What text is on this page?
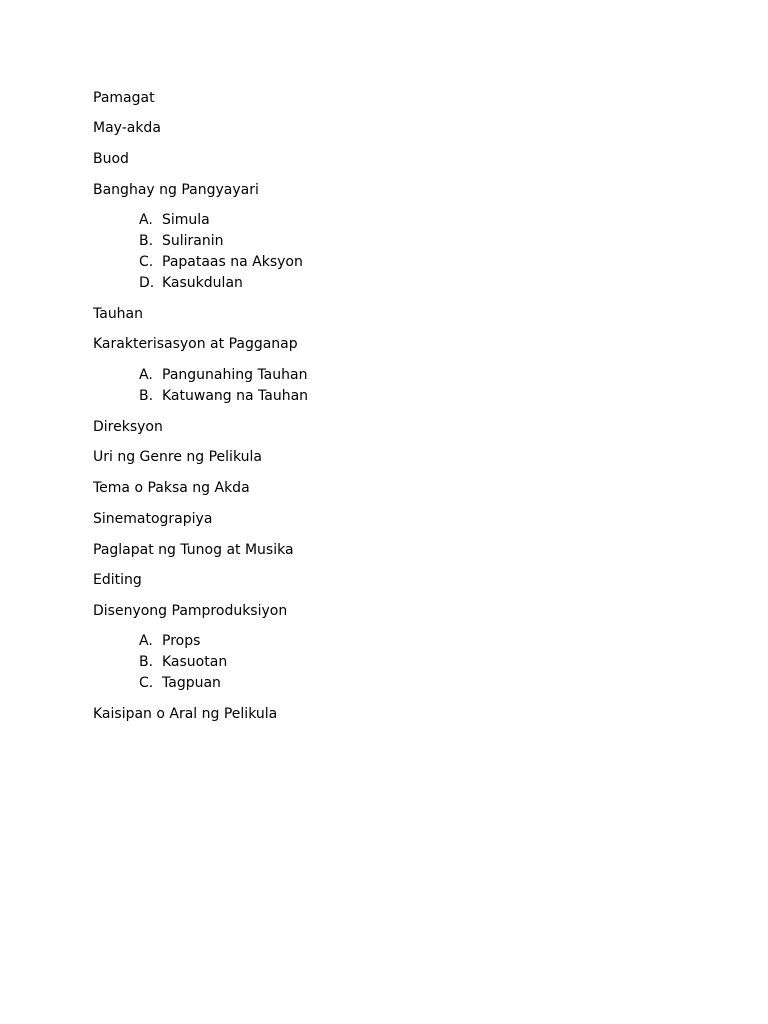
Pamagat
May-akda
Buod
Banghay ng Pangyayari
A. Simula
B. Suliranin
C. Papataas na Aksyon
D. Kasukdulan
Tauhan
Karakterisasyon at Pagganap
A. Pangunahing Tauhan
B. Katuwang na Tauhan
Direksyon
Uri ng Genre ng Pelikula
Tema o Paksa ng Akda
Sinematograpiya
Paglapat ng Tunog at Musika
Editing
Disenyong Pamproduksiyon
A. Props
B. Kasuotan
C. Tagpuan
Kaisipan o Aral ng Pelikula
